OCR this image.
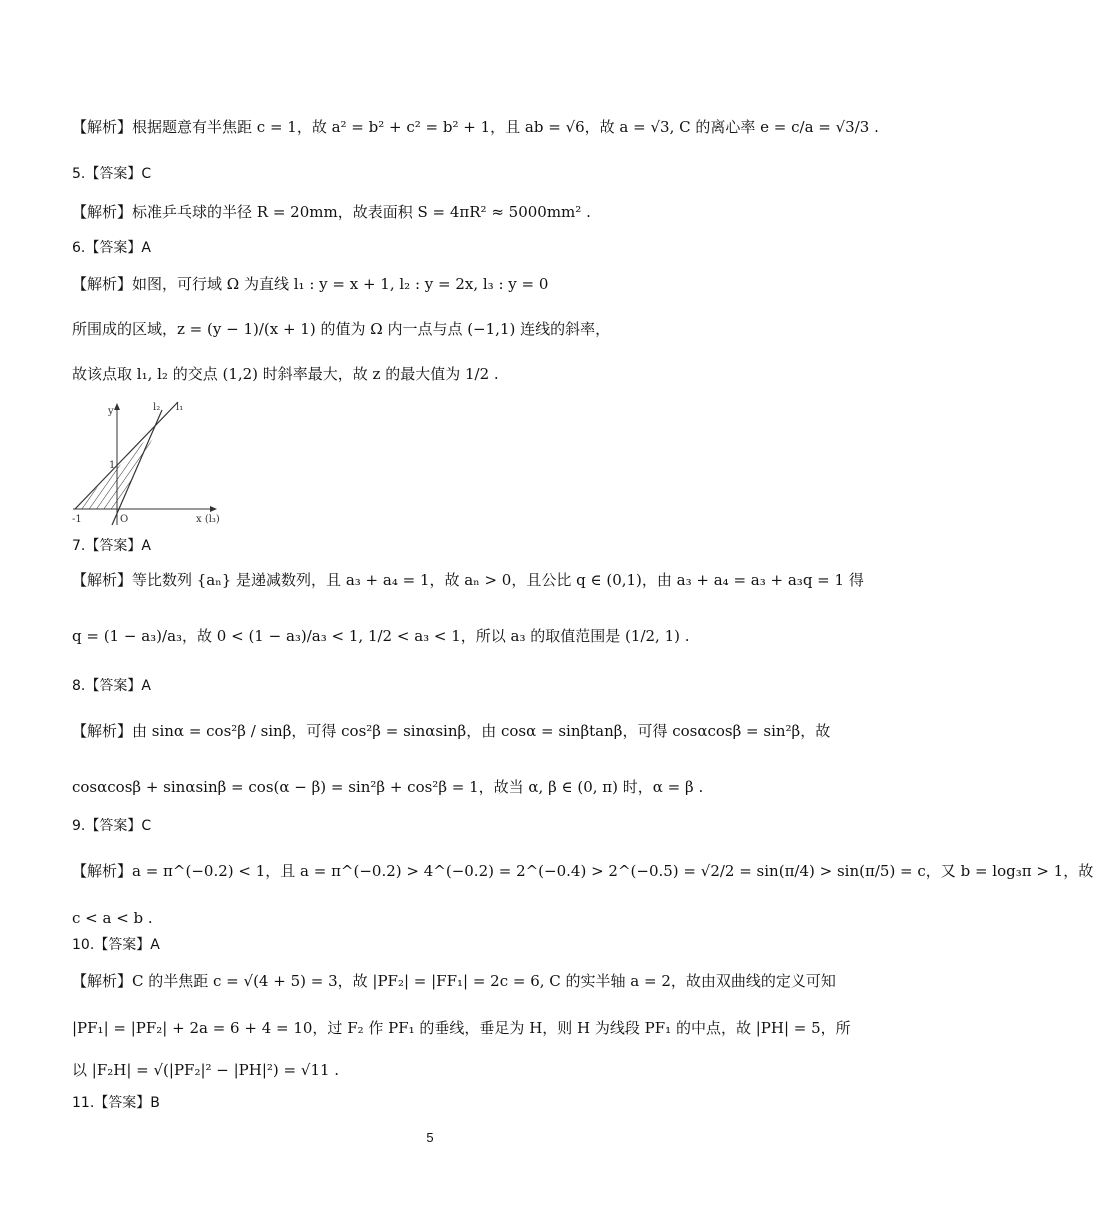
【解析】根据题意有半焦距 c = 1，故 a² = b² + c² = b² + 1，且 ab = √6，故 a = √3, C 的离心率 e = c/a = √3/3 .
5.【答案】C
【解析】标准乒乓球的半径 R = 20mm，故表面积 S = 4πR² ≈ 5000mm² .
6.【答案】A
【解析】如图，可行域 Ω 为直线 l₁ : y = x + 1, l₂ : y = 2x, l₃ : y = 0
所围成的区域，z = (y − 1)/(x + 1) 的值为 Ω 内一点与点 (−1,1) 连线的斜率，
故该点取 l₁, l₂ 的交点 (1,2) 时斜率最大，故 z 的最大值为 1/2 .
y	l₂ l₁
1
-1	O	x (l₃)
7.【答案】A
【解析】等比数列 {aₙ} 是递减数列，且 a₃ + a₄ = 1，故 aₙ > 0，且公比 q ∈ (0,1)，由 a₃ + a₄ = a₃ + a₃q = 1 得
q = (1 − a₃)/a₃，故 0 < (1 − a₃)/a₃ < 1, 1/2 < a₃ < 1，所以 a₃ 的取值范围是 (1/2, 1) .
8.【答案】A
【解析】由 sinα = cos²β / sinβ，可得 cos²β = sinαsinβ，由 cosα = sinβtanβ，可得 cosαcosβ = sin²β，故
cosαcosβ + sinαsinβ = cos(α − β) = sin²β + cos²β = 1，故当 α, β ∈ (0, π) 时，α = β .
9.【答案】C
【解析】a = π^(−0.2) < 1，且 a = π^(−0.2) > 4^(−0.2) = 2^(−0.4) > 2^(−0.5) = √2/2 = sin(π/4) > sin(π/5) = c，又 b = log₃π > 1，故
c < a < b .
10.【答案】A
【解析】C 的半焦距 c = √(4 + 5) = 3，故 |PF₂| = |FF₁| = 2c = 6, C 的实半轴 a = 2，故由双曲线的定义可知
|PF₁| = |PF₂| + 2a = 6 + 4 = 10，过 F₂ 作 PF₁ 的垂线，垂足为 H，则 H 为线段 PF₁ 的中点，故 |PH| = 5，所
以 |F₂H| = √(|PF₂|² − |PH|²) = √11 .
11.【答案】B
5
